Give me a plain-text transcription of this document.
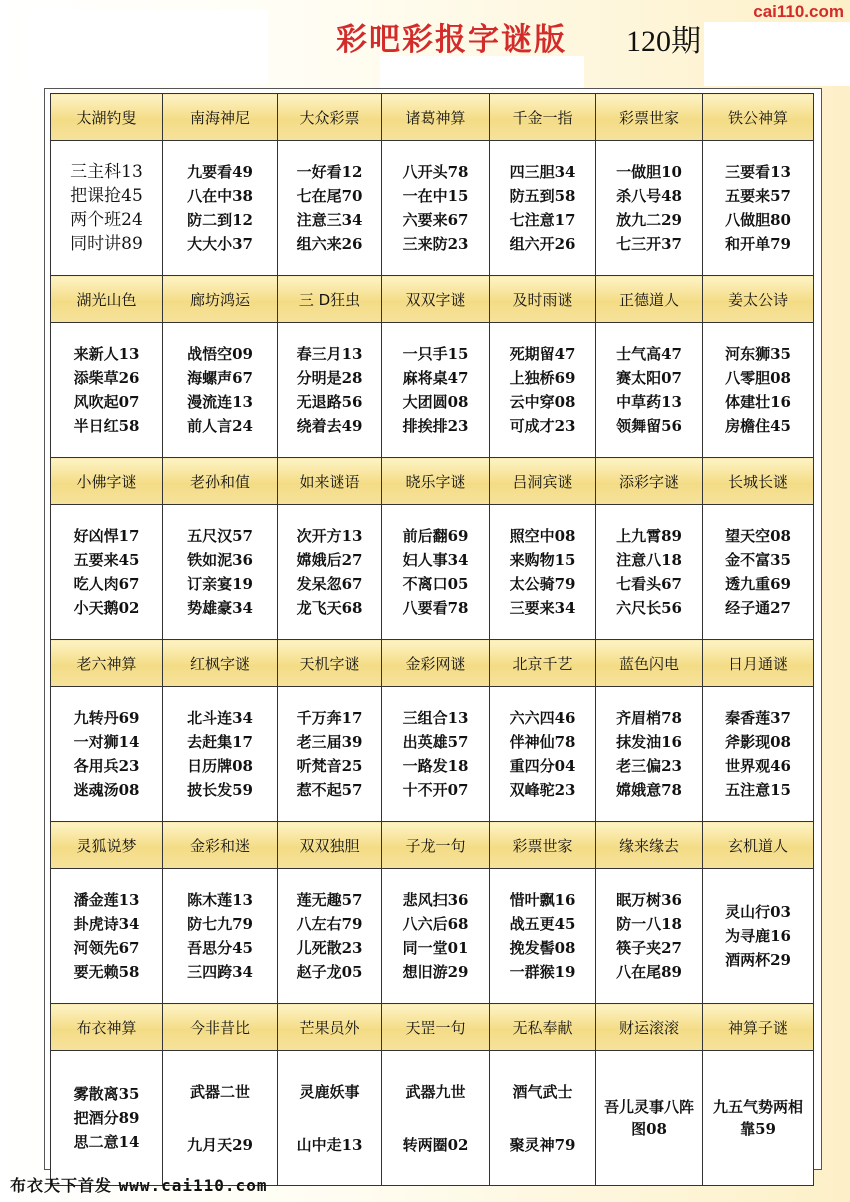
彩吧彩报字谜版 120期
cai110.com
太湖钓叟	南海神尼	大众彩票	诸葛神算	千金一指	彩票世家	铁公神算

三主科13
把课抢45
两个班24
同时讲89	九要看49
八在中38
防二到12
大大小37	一好看12
七在尾70
注意三34
组六来26	八开头78
一在中15
六要来67
三来防23	四三胆34
防五到58
七注意17
组六开26	一做胆10
杀八号48
放九二29
七三开37	三要看13
五要来57
八做胆80
和开单79

湖光山色	廊坊鸿运	三 D狂虫	双双字谜	及时雨谜	正德道人	姜太公诗

来新人13
添柴草26
风吹起07
半日红58	战悟空09
海螺声67
漫流连13
前人言24	春三月13
分明是28
无退路56
绕着去49	一只手15
麻将桌47
大团圆08
排挨排23	死期留47
上独桥69
云中穿08
可成才23	士气高47
赛太阳07
中草药13
领舞留56	河东狮35
八零胆08
体建壮16
房檐住45

小佛字谜	老孙和值	如来谜语	晓乐字谜	吕洞宾谜	添彩字谜	长城长谜

好凶悍17
五要来45
吃人肉67
小天鹅02	五尺汉57
铁如泥36
订亲宴19
势雄豪34	次开方13
嫦娥后27
发呆忽67
龙飞天68	前后翻69
妇人事34
不离口05
八要看78	照空中08
来购物15
太公骑79
三要来34	上九霄89
注意八18
七看头67
六尺长56	望天空08
金不富35
透九重69
经子通27

老六神算	红枫字谜	天机字谜	金彩网谜	北京千艺	蓝色闪电	日月通谜

九转丹69
一对狮14
各用兵23
迷魂汤08	北斗连34
去赶集17
日历牌08
披长发59	千万奔17
老三届39
听梵音25
惹不起57	三组合13
出英雄57
一路发18
十不开07	六六四46
伴神仙78
重四分04
双峰驼23	齐眉梢78
抹发油16
老三偏23
嫦娥意78	秦香莲37
斧影现08
世界观46
五注意15

灵狐说梦	金彩和迷	双双独胆	子龙一句	彩票世家	缘来缘去	玄机道人

潘金莲13
卦虎诗34
河领先67
要无赖58	陈木莲13
防七九79
吾思分45
三四跨34	莲无趣57
八左右79
儿死散23
赵子龙05	悲风扫36
八六后68
同一堂01
想旧游29	惜叶飘16
战五更45
挽发髻08
一群猴19	眠万树36
防一八18
筷子夹27
八在尾89	灵山行03
为寻鹿16
酒两杯29

布衣神算	今非昔比	芒果员外	天罡一句	无私奉献	财运滚滚	神算子谜

雾散离35
把酒分89
思二意14	武器二世
九月天29	灵鹿妖事
山中走13	武器九世
转两圈02	酒气武士
聚灵神79	吾儿灵事八阵图08	九五气势两相靠59
布衣天下首发 www.cai110.com
